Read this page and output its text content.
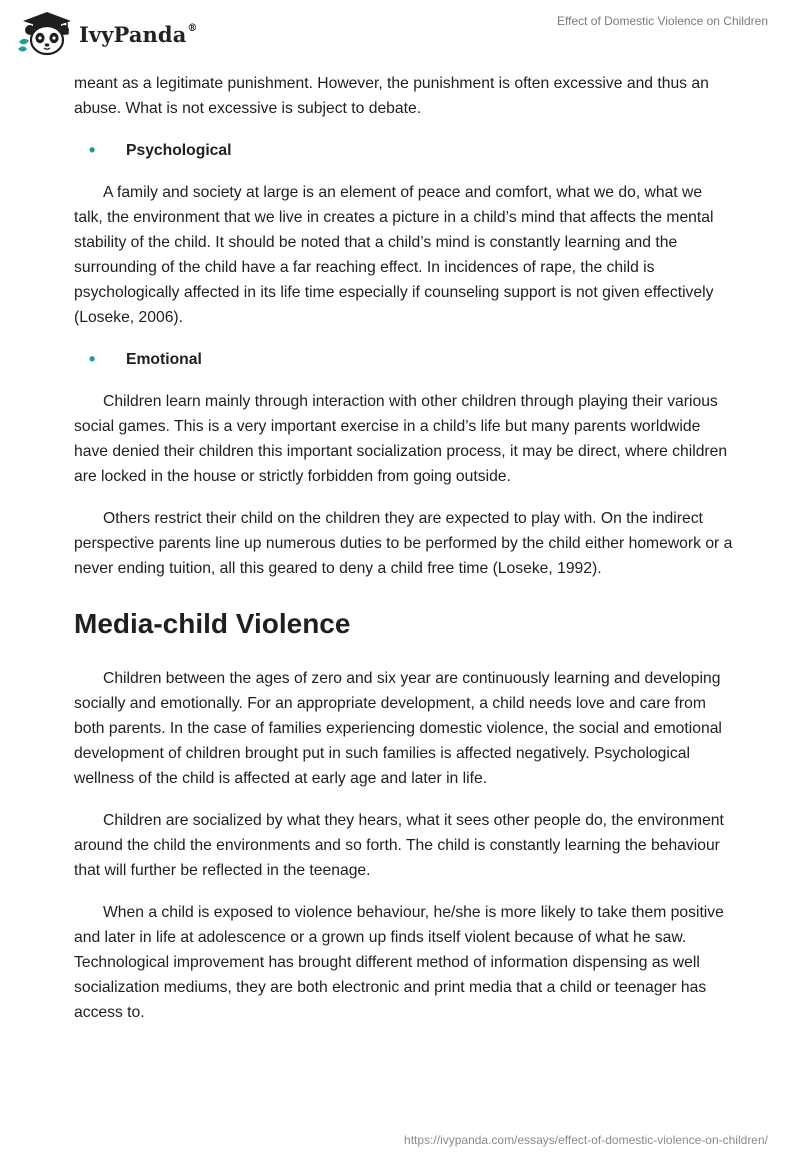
IvyPanda®	Effect of Domestic Violence on Children

meant as a legitimate punishment. However, the punishment is often excessive and thus an abuse. What is not excessive is subject to debate.

• Psychological

A family and society at large is an element of peace and comfort, what we do, what we talk, the environment that we live in creates a picture in a child’s mind that affects the mental stability of the child. It should be noted that a child’s mind is constantly learning and the surrounding of the child have a far reaching effect. In incidences of rape, the child is psychologically affected in its life time especially if counseling support is not given effectively (Loseke, 2006).

• Emotional

Children learn mainly through interaction with other children through playing their various social games. This is a very important exercise in a child’s life but many parents worldwide have denied their children this important socialization process, it may be direct, where children are locked in the house or strictly forbidden from going outside.

Others restrict their child on the children they are expected to play with. On the indirect perspective parents line up numerous duties to be performed by the child either homework or a never ending tuition, all this geared to deny a child free time (Loseke, 1992).

Media-child Violence

Children between the ages of zero and six year are continuously learning and developing socially and emotionally. For an appropriate development, a child needs love and care from both parents. In the case of families experiencing domestic violence, the social and emotional development of children brought put in such families is affected negatively. Psychological wellness of the child is affected at early age and later in life.

Children are socialized by what they hears, what it sees other people do, the environment around the child the environments and so forth. The child is constantly learning the behaviour that will further be reflected in the teenage.

When a child is exposed to violence behaviour, he/she is more likely to take them positive and later in life at adolescence or a grown up finds itself violent because of what he saw. Technological improvement has brought different method of information dispensing as well socialization mediums, they are both electronic and print media that a child or teenager has access to.

https://ivypanda.com/essays/effect-of-domestic-violence-on-children/
